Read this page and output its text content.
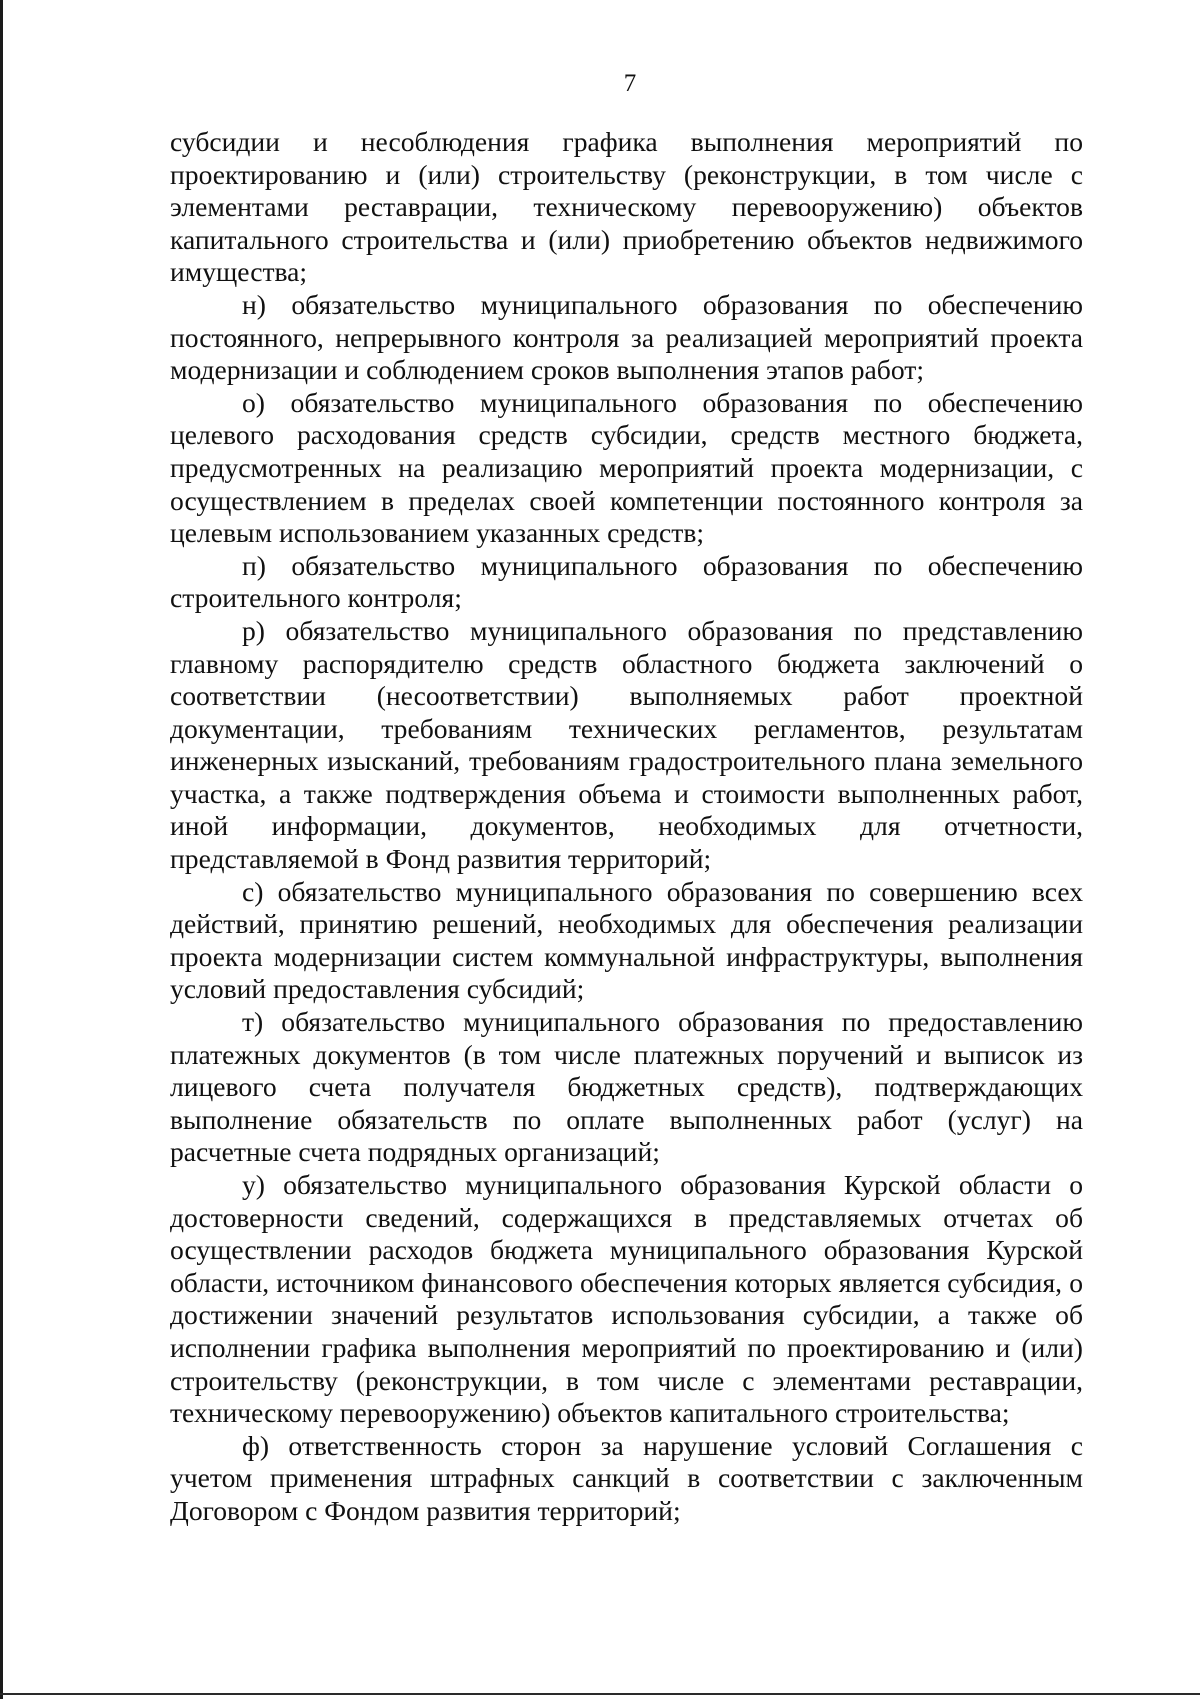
7

субсидии и несоблюдения графика выполнения мероприятий по проектированию и (или) строительству (реконструкции, в том числе с элементами реставрации, техническому перевооружению) объектов капитального строительства и (или) приобретению объектов недвижимого имущества;

н) обязательство муниципального образования по обеспечению постоянного, непрерывного контроля за реализацией мероприятий проекта модернизации и соблюдением сроков выполнения этапов работ;

о) обязательство муниципального образования по обеспечению целевого расходования средств субсидии, средств местного бюджета, предусмотренных на реализацию мероприятий проекта модернизации, с осуществлением в пределах своей компетенции постоянного контроля за целевым использованием указанных средств;

п) обязательство муниципального образования по обеспечению строительного контроля;

р) обязательство муниципального образования по представлению главному распорядителю средств областного бюджета заключений о соответствии (несоответствии) выполняемых работ проектной документации, требованиям технических регламентов, результатам инженерных изысканий, требованиям градостроительного плана земельного участка, а также подтверждения объема и стоимости выполненных работ, иной информации, документов, необходимых для отчетности, представляемой в Фонд развития территорий;

с) обязательство муниципального образования по совершению всех действий, принятию решений, необходимых для обеспечения реализации проекта модернизации систем коммунальной инфраструктуры, выполнения условий предоставления субсидий;

т) обязательство муниципального образования по предоставлению платежных документов (в том числе платежных поручений и выписок из лицевого счета получателя бюджетных средств), подтверждающих выполнение обязательств по оплате выполненных работ (услуг) на расчетные счета подрядных организаций;

у) обязательство муниципального образования Курской области о достоверности сведений, содержащихся в представляемых отчетах об осуществлении расходов бюджета муниципального образования Курской области, источником финансового обеспечения которых является субсидия, о достижении значений результатов использования субсидии, а также об исполнении графика выполнения мероприятий по проектированию и (или) строительству (реконструкции, в том числе с элементами реставрации, техническому перевооружению) объектов капитального строительства;

ф) ответственность сторон за нарушение условий Соглашения с учетом применения штрафных санкций в соответствии с заключенным Договором с Фондом развития территорий;
